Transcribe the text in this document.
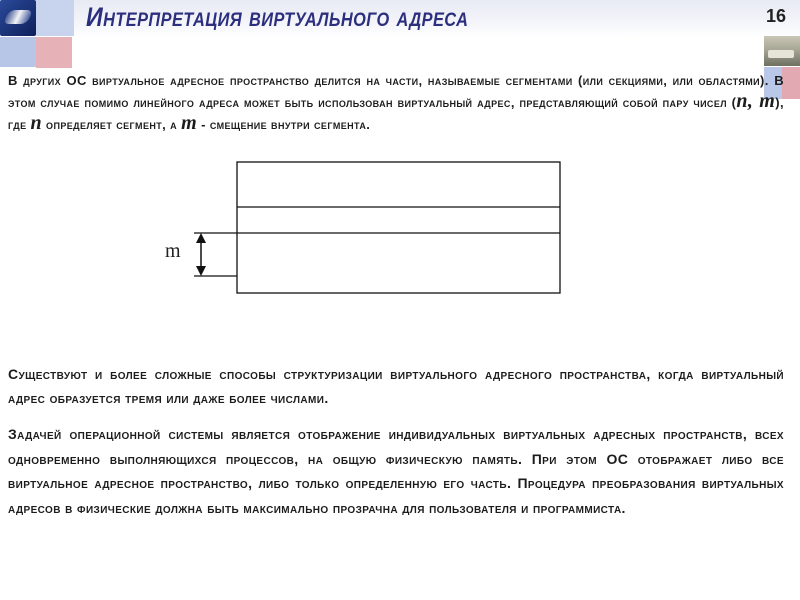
Интерпретация виртуального адреса	16
В других ОС виртуальное адресное пространство делится на части, называемые сегментами (или секциями, или областями). В этом случае помимо линейного адреса может быть использован виртуальный адрес, представляющий собой пару чисел (n, m), где n определяет сегмент, а m - смещение внутри сегмента.
m
Существуют и более сложные способы структуризации виртуального адресного пространства, когда виртуальный адрес образуется тремя или даже более числами.
Задачей операционной системы является отображение индивидуальных виртуальных адресных пространств, всех одновременно выполняющихся процессов, на общую физическую память. При этом ОС отображает либо все виртуальное адресное пространство, либо только определенную его часть. Процедура преобразования виртуальных адресов в физические должна быть максимально прозрачна для пользователя и программиста.
